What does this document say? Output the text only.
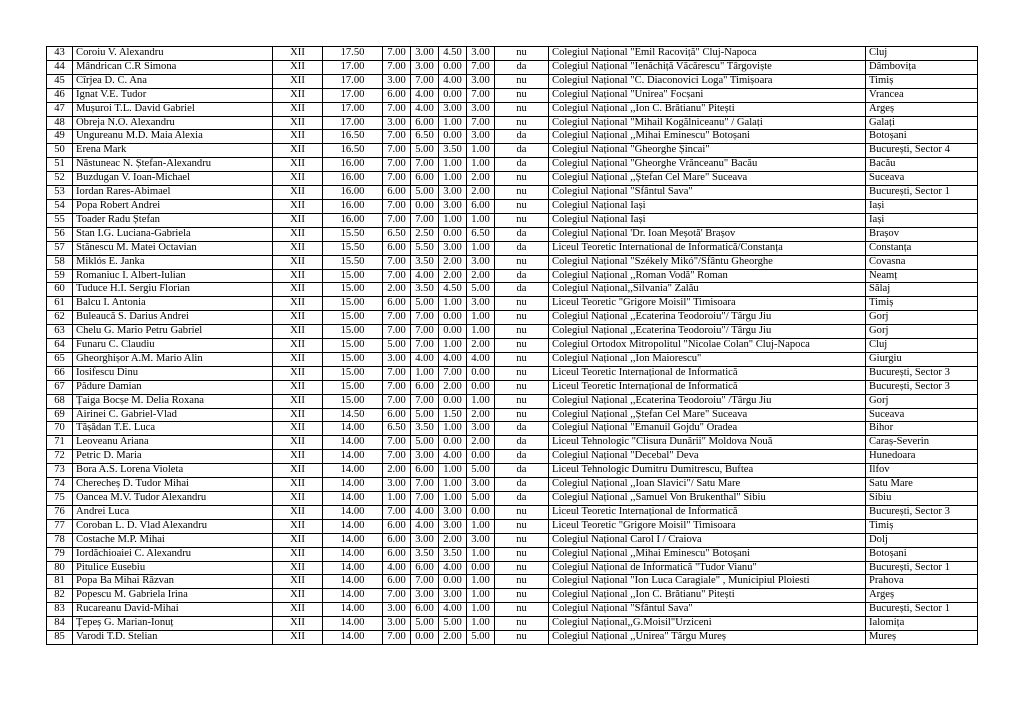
43	Coroiu V. Alexandru	XII	17.50	7.00	3.00	4.50	3.00	nu	Colegiul Național "Emil Racoviță" Cluj-Napoca	Cluj
44	Mândrican C.R Simona	XII	17.00	7.00	3.00	0.00	7.00	da	Colegiul Național "Ienăchiță Văcărescu" Târgoviște	Dâmbovița
45	Cîrjea D. C. Ana	XII	17.00	3.00	7.00	4.00	3.00	nu	Colegiul Național "C. Diaconovici Loga" Timișoara	Timiș
46	Ignat V.E. Tudor	XII	17.00	6.00	4.00	0.00	7.00	nu	Colegiul Național "Unirea" Focșani	Vrancea
47	Mușuroi T.L. David Gabriel	XII	17.00	7.00	4.00	3.00	3.00	nu	Colegiul Național ,,Ion C. Brătianu" Pitești	Argeș
48	Obreja N.O. Alexandru	XII	17.00	3.00	6.00	1.00	7.00	nu	Colegiul Național "Mihail Kogălniceanu" / Galați	Galați
49	Ungureanu M.D. Maia Alexia	XII	16.50	7.00	6.50	0.00	3.00	da	Colegiul Național ,,Mihai Eminescu" Botoșani	Botoșani
50	Erena Mark	XII	16.50	7.00	5.00	3.50	1.00	da	Colegiul Național "Gheorghe Șincai"	București, Sector 4
51	Năstuneac N. Ștefan-Alexandru	XII	16.00	7.00	7.00	1.00	1.00	da	Colegiul Național "Gheorghe Vrănceanu" Bacău	Bacău
52	Buzdugan V. Ioan-Michael	XII	16.00	7.00	6.00	1.00	2.00	nu	Colegiul Național ,,Ștefan Cel Mare" Suceava	Suceava
53	Iordan Rares-Abimael	XII	16.00	6.00	5.00	3.00	2.00	nu	Colegiul Național "Sfântul Sava"	București, Sector 1
54	Popa Robert Andrei	XII	16.00	7.00	0.00	3.00	6.00	nu	Colegiul Național Iași	Iași
55	Toader Radu Ștefan	XII	16.00	7.00	7.00	1.00	1.00	nu	Colegiul Național Iași	Iași
56	Stan I.G. Luciana-Gabriela	XII	15.50	6.50	2.50	0.00	6.50	da	Colegiul Național 'Dr. Ioan Meșotă' Brașov	Brașov
57	Stănescu M. Matei Octavian	XII	15.50	6.00	5.50	3.00	1.00	da	Liceul Teoretic International de Informatică/Constanța	Constanța
58	Miklós E. Janka	XII	15.50	7.00	3.50	2.00	3.00	nu	Colegiul Național "Székely Mikó"/Sfântu Gheorghe	Covasna
59	Romaniuc I. Albert-Iulian	XII	15.00	7.00	4.00	2.00	2.00	da	Colegiul Național ,,Roman Vodă" Roman	Neamț
60	Tuduce H.I. Sergiu Florian	XII	15.00	2.00	3.50	4.50	5.00	da	Colegiul Național,,Silvania" Zalău	Sălaj
61	Balcu I. Antonia	XII	15.00	6.00	5.00	1.00	3.00	nu	Liceul Teoretic "Grigore Moisil" Timisoara	Timiș
62	Buleaucă S. Darius Andrei	XII	15.00	7.00	7.00	0.00	1.00	nu	Colegiul Național ,,Ecaterina Teodoroiu"/ Târgu Jiu	Gorj
63	Chelu G. Mario Petru Gabriel	XII	15.00	7.00	7.00	0.00	1.00	nu	Colegiul Național ,,Ecaterina Teodoroiu"/ Târgu Jiu	Gorj
64	Funaru C. Claudiu	XII	15.00	5.00	7.00	1.00	2.00	nu	Colegiul Ortodox Mitropolitul "Nicolae Colan" Cluj-Napoca	Cluj
65	Gheorghișor A.M. Mario Alin	XII	15.00	3.00	4.00	4.00	4.00	nu	Colegiul Național ,,Ion Maiorescu"	Giurgiu
66	Iosifescu Dinu	XII	15.00	7.00	1.00	7.00	0.00	nu	Liceul Teoretic Internațional de Informatică	București, Sector 3
67	Pădure Damian	XII	15.00	7.00	6.00	2.00	0.00	nu	Liceul Teoretic Internațional de Informatică	București, Sector 3
68	Țaiga Bocșe M. Delia Roxana	XII	15.00	7.00	7.00	0.00	1.00	nu	Colegiul Național ,,Ecaterina Teodoroiu" /Târgu Jiu	Gorj
69	Airinei C. Gabriel-Vlad	XII	14.50	6.00	5.00	1.50	2.00	nu	Colegiul Național ,,Ștefan Cel Mare" Suceava	Suceava
70	Tășădan T.E. Luca	XII	14.00	6.50	3.50	1.00	3.00	da	Colegiul Național "Emanuil Gojdu" Oradea	Bihor
71	Leoveanu Ariana	XII	14.00	7.00	5.00	0.00	2.00	da	Liceul Tehnologic "Clisura Dunării" Moldova Nouă	Caraș-Severin
72	Petric D. Maria	XII	14.00	7.00	3.00	4.00	0.00	da	Colegiul Național "Decebal" Deva	Hunedoara
73	Bora A.S. Lorena Violeta	XII	14.00	2.00	6.00	1.00	5.00	da	Liceul Tehnologic Dumitru Dumitrescu, Buftea	Ilfov
74	Cherecheș D. Tudor Mihai	XII	14.00	3.00	7.00	1.00	3.00	da	Colegiul Național ,,Ioan Slavici"/ Satu Mare	Satu Mare
75	Oancea M.V. Tudor Alexandru	XII	14.00	1.00	7.00	1.00	5.00	da	Colegiul Național ,,Samuel Von Brukenthal" Sibiu	Sibiu
76	Andrei Luca	XII	14.00	7.00	4.00	3.00	0.00	nu	Liceul Teoretic Internațional de Informatică	București, Sector 3
77	Coroban L. D. Vlad Alexandru	XII	14.00	6.00	4.00	3.00	1.00	nu	Liceul Teoretic "Grigore Moisil" Timisoara	Timiș
78	Costache M.P. Mihai	XII	14.00	6.00	3.00	2.00	3.00	nu	Colegiul Național Carol I / Craiova	Dolj
79	Iordăchioaiei C. Alexandru	XII	14.00	6.00	3.50	3.50	1.00	nu	Colegiul Național ,,Mihai Eminescu" Botoșani	Botoșani
80	Pitulice Eusebiu	XII	14.00	4.00	6.00	4.00	0.00	nu	Colegiul Național de Informatică "Tudor Vianu"	București, Sector 1
81	Popa Ba Mihai Răzvan	XII	14.00	6.00	7.00	0.00	1.00	nu	Colegiul Național "Ion Luca Caragiale" , Municipiul Ploiesti	Prahova
82	Popescu M. Gabriela Irina	XII	14.00	7.00	3.00	3.00	1.00	nu	Colegiul Național ,,Ion C. Brătianu" Pitești	Argeș
83	Rucareanu David-Mihai	XII	14.00	3.00	6.00	4.00	1.00	nu	Colegiul Național "Sfântul Sava"	București, Sector 1
84	Țepeș G. Marian-Ionuț	XII	14.00	3.00	5.00	5.00	1.00	nu	Colegiul Național,,G.Moisil"Urziceni	Ialomița
85	Varodi T.D. Stelian	XII	14.00	7.00	0.00	2.00	5.00	nu	Colegiul Național ,,Unirea" Târgu Mureș	Mureș
